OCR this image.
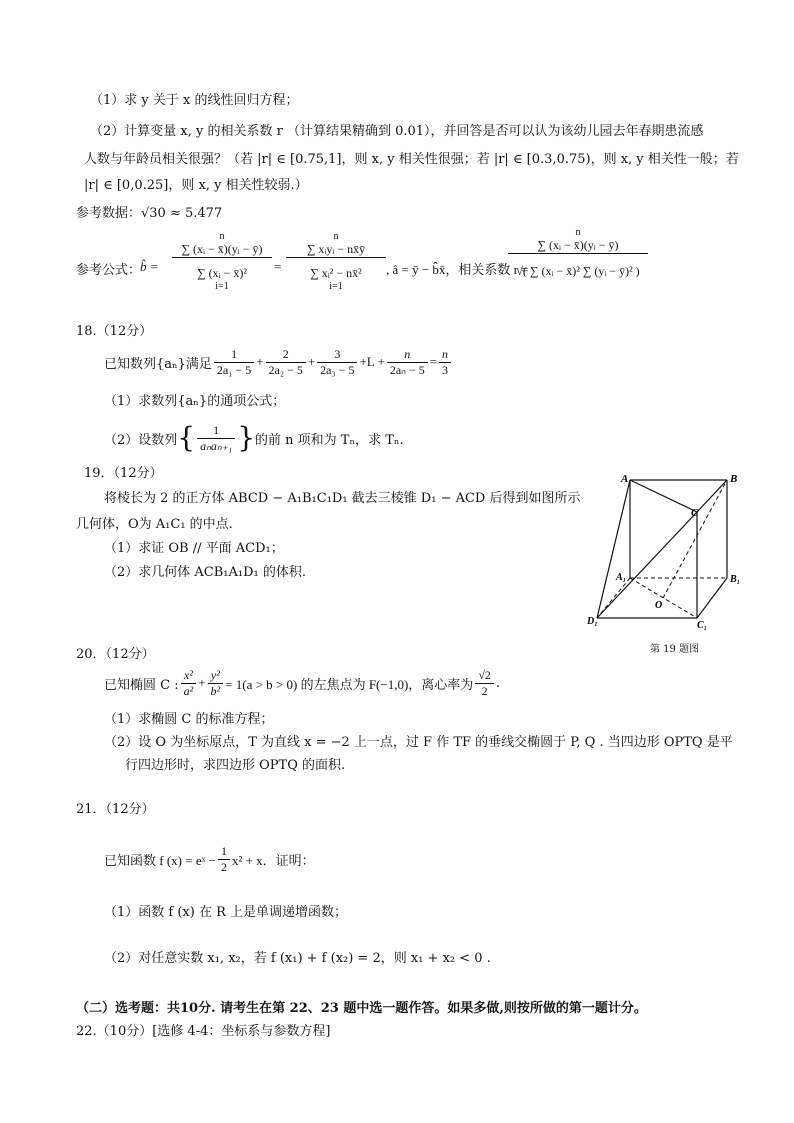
（1）求 y 关于 x 的线性回归方程；
（2）计算变量 x, y 的相关系数 r （计算结果精确到 0.01），并回答是否可以认为该幼儿园去年春期患流感
人数与年龄员相关很强？（若 |r| ∈ [0.75,1]，则 x, y 相关性很强；若 |r| ∈ [0.3,0.75)，则 x, y 相关性一般；若
|r| ∈ [0,0.25]，则 x, y 相关性较弱.）
参考数据：√30 ≈ 5.477
参考公式：
b̂ =
n
∑ (xᵢ − x̄)(yᵢ − ȳ)
∑ (xᵢ − x̄)²
i=1
=
n
∑ xᵢyᵢ − nx̄ȳ
∑ xᵢ² − nx̄²
i=1
, â = ȳ − b̂x̄，相关系数 r =
n
∑ (xᵢ − x̄)(yᵢ − ȳ)
√( ∑ (xᵢ − x̄)² ∑ (yᵢ − ȳ)² )
18.（12分）
已知数列{aₙ}满足 $\frac{1}{\text{2a₁ − 5}} + \frac{2}{\text{2a₂ − 5}} + \frac{3}{\text{2a₃ − 5}} +L + \frac{n}{\text{2aₙ − 5}} = \frac{n}{3}$
（1）求数列{aₙ}的通项公式；
（2）设数列 { $\frac{1}{\text{aₙaₙ₊₁}}$ } 的前 n 项和为 Tₙ，求 Tₙ.
19．（12分）
将棱长为 2 的正方体 ABCD − A₁B₁C₁D₁ 截去三棱锥 D₁ − ACD 后得到如图所示
几何体，O为 A₁C₁ 的中点.
（1）求证 OB // 平面 ACD₁；
（2）求几何体 ACB₁A₁D₁ 的体积.
A	B
C
A₁	B₁
C₁
D₁
O
第 19 题图
20．（12分）
已知椭圆 C : $\frac{\text{x²}}{\text{a²}} + \frac{\text{y²}}{\text{b²}} = 1(a > b > 0)$ 的左焦点为 F(−1,0)，离心率为 $\frac{√2}{2}$ .
（1）求椭圆 C 的标准方程；
（2）设 O 为坐标原点，T 为直线 x = −2 上一点，过 F 作 TF 的垂线交椭圆于 P, Q . 当四边形 OPTQ 是平
行四边形时，求四边形 OPTQ 的面积.
21．（12分）
已知函数 f (x) = eˣ − $\frac{1}{2} x^2 + x$．证明：
（1）函数 f (x) 在 R 上是单调递增函数；
（2）对任意实数 x₁, x₂，若 f (x₁) + f (x₂) = 2，则 x₁ + x₂ < 0 .
（二）选考题：共10分. 请考生在第 22、23 题中选一题作答。如果多做,则按所做的第一题计分。
22.（10分）[选修 4-4：坐标系与参数方程]
